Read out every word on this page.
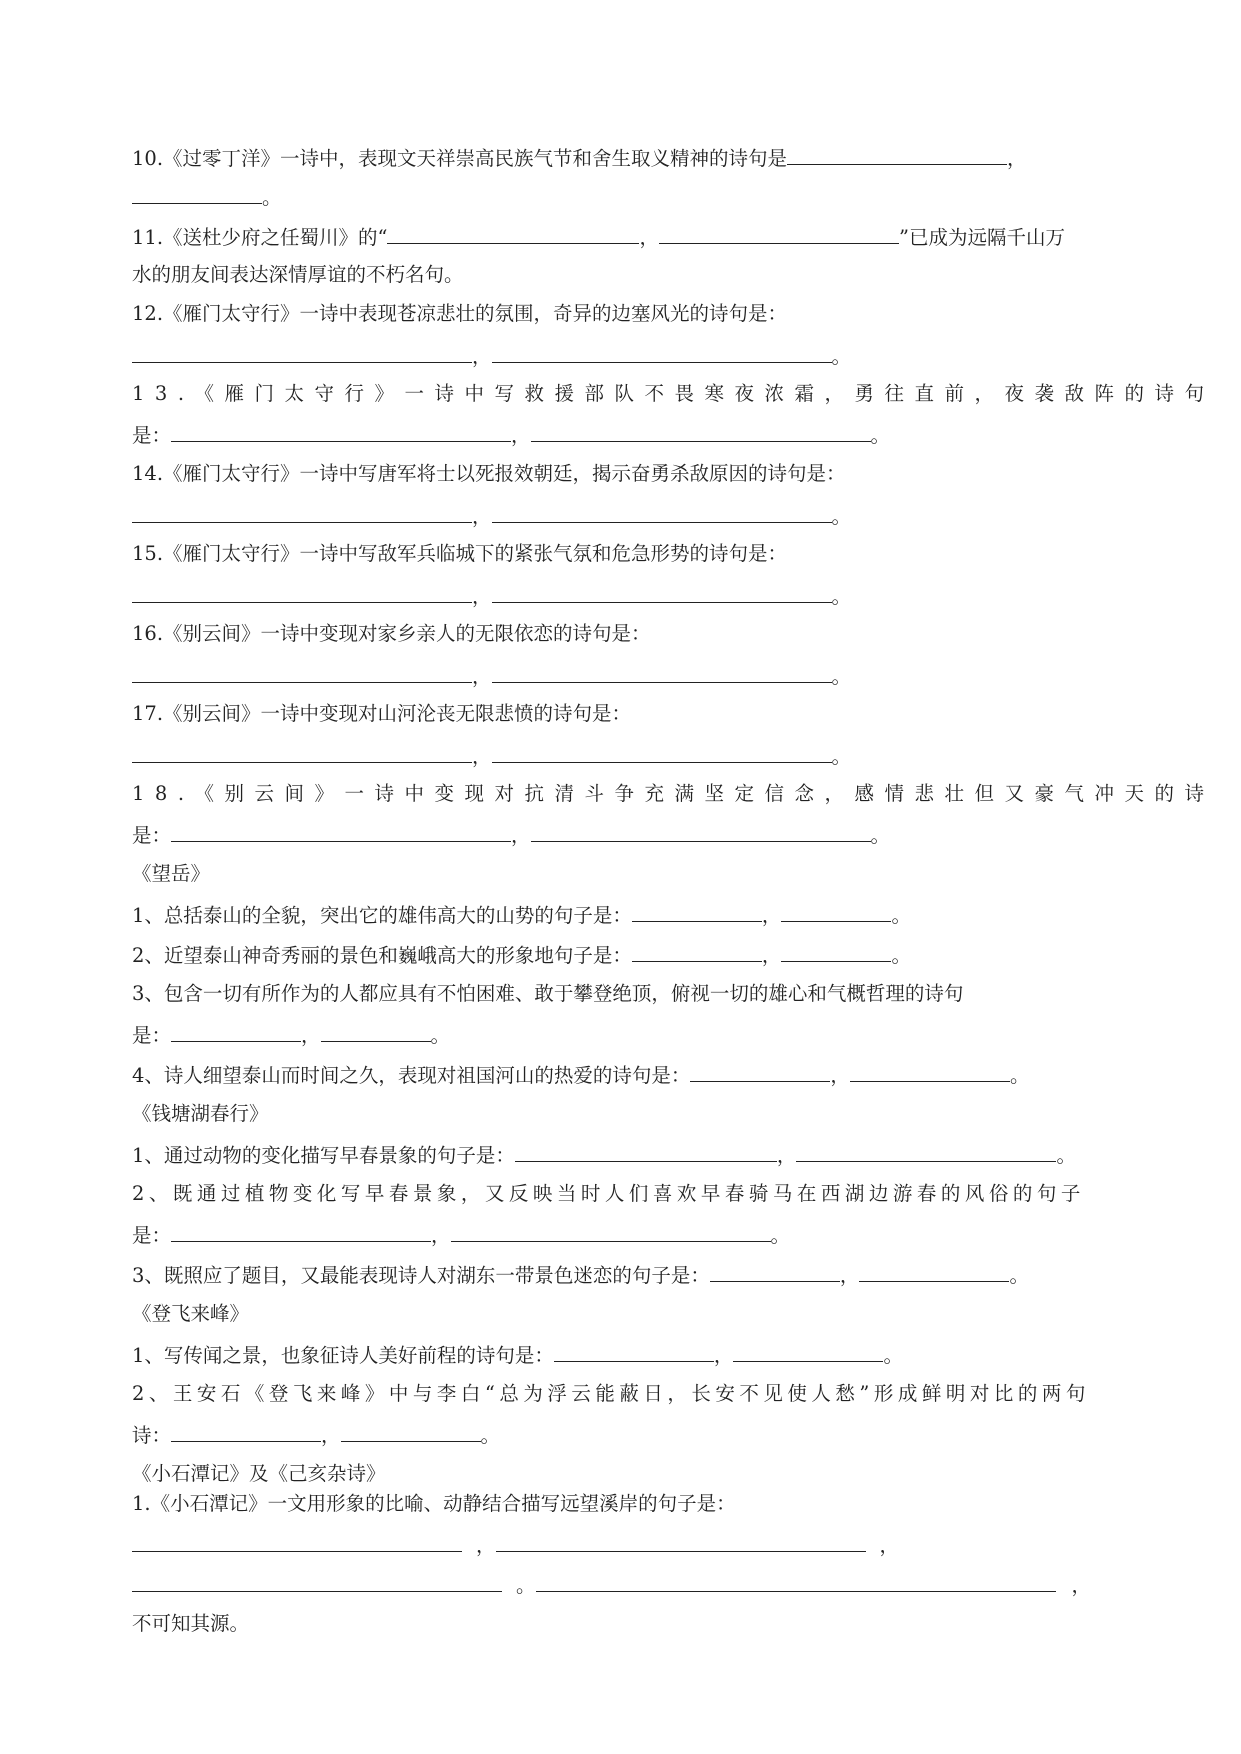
10.《过零丁洋》一诗中，表现文天祥崇高民族气节和舍生取义精神的诗句是	，
。
11.《送杜少府之任蜀川》的“	，	”已成为远隔千山万
水的朋友间表达深情厚谊的不朽名句。
12.《雁门太守行》一诗中表现苍凉悲壮的氛围，奇异的边塞风光的诗句是：
，	。
13.《雁门太守行》一诗中写救援部队不畏寒夜浓霜，勇往直前，夜袭敌阵的诗句
是：	，	。
14.《雁门太守行》一诗中写唐军将士以死报效朝廷，揭示奋勇杀敌原因的诗句是：
，	。
15.《雁门太守行》一诗中写敌军兵临城下的紧张气氛和危急形势的诗句是：
，	。
16.《别云间》一诗中变现对家乡亲人的无限依恋的诗句是：
，	。
17.《别云间》一诗中变现对山河沦丧无限悲愤的诗句是：
，	。
18.《别云间》一诗中变现对抗清斗争充满坚定信念，感情悲壮但又豪气冲天的诗
是：	，	。
《望岳》
1、总括泰山的全貌，突出它的雄伟高大的山势的句子是：	，	。
2、近望泰山神奇秀丽的景色和巍峨高大的形象地句子是：	，	。
3、包含一切有所作为的人都应具有不怕困难、敢于攀登绝顶，俯视一切的雄心和气概哲理的诗句
是：	，	。
4、诗人细望泰山而时间之久，表现对祖国河山的热爱的诗句是：	，	。
《钱塘湖春行》
1、通过动物的变化描写早春景象的句子是：	，	。
2、既通过植物变化写早春景象，又反映当时人们喜欢早春骑马在西湖边游春的风俗的句子
是：	，	。
3、既照应了题目，又最能表现诗人对湖东一带景色迷恋的句子是：	，	。
《登飞来峰》
1、写传闻之景，也象征诗人美好前程的诗句是：	，	。
2、王安石《登飞来峰》中与李白“总为浮云能蔽日，长安不见使人愁”形成鲜明对比的两句
诗：	，	。
《小石潭记》及《己亥杂诗》
1.《小石潭记》一文用形象的比喻、动静结合描写远望溪岸的句子是：
，	，
。	，
不可知其源。
